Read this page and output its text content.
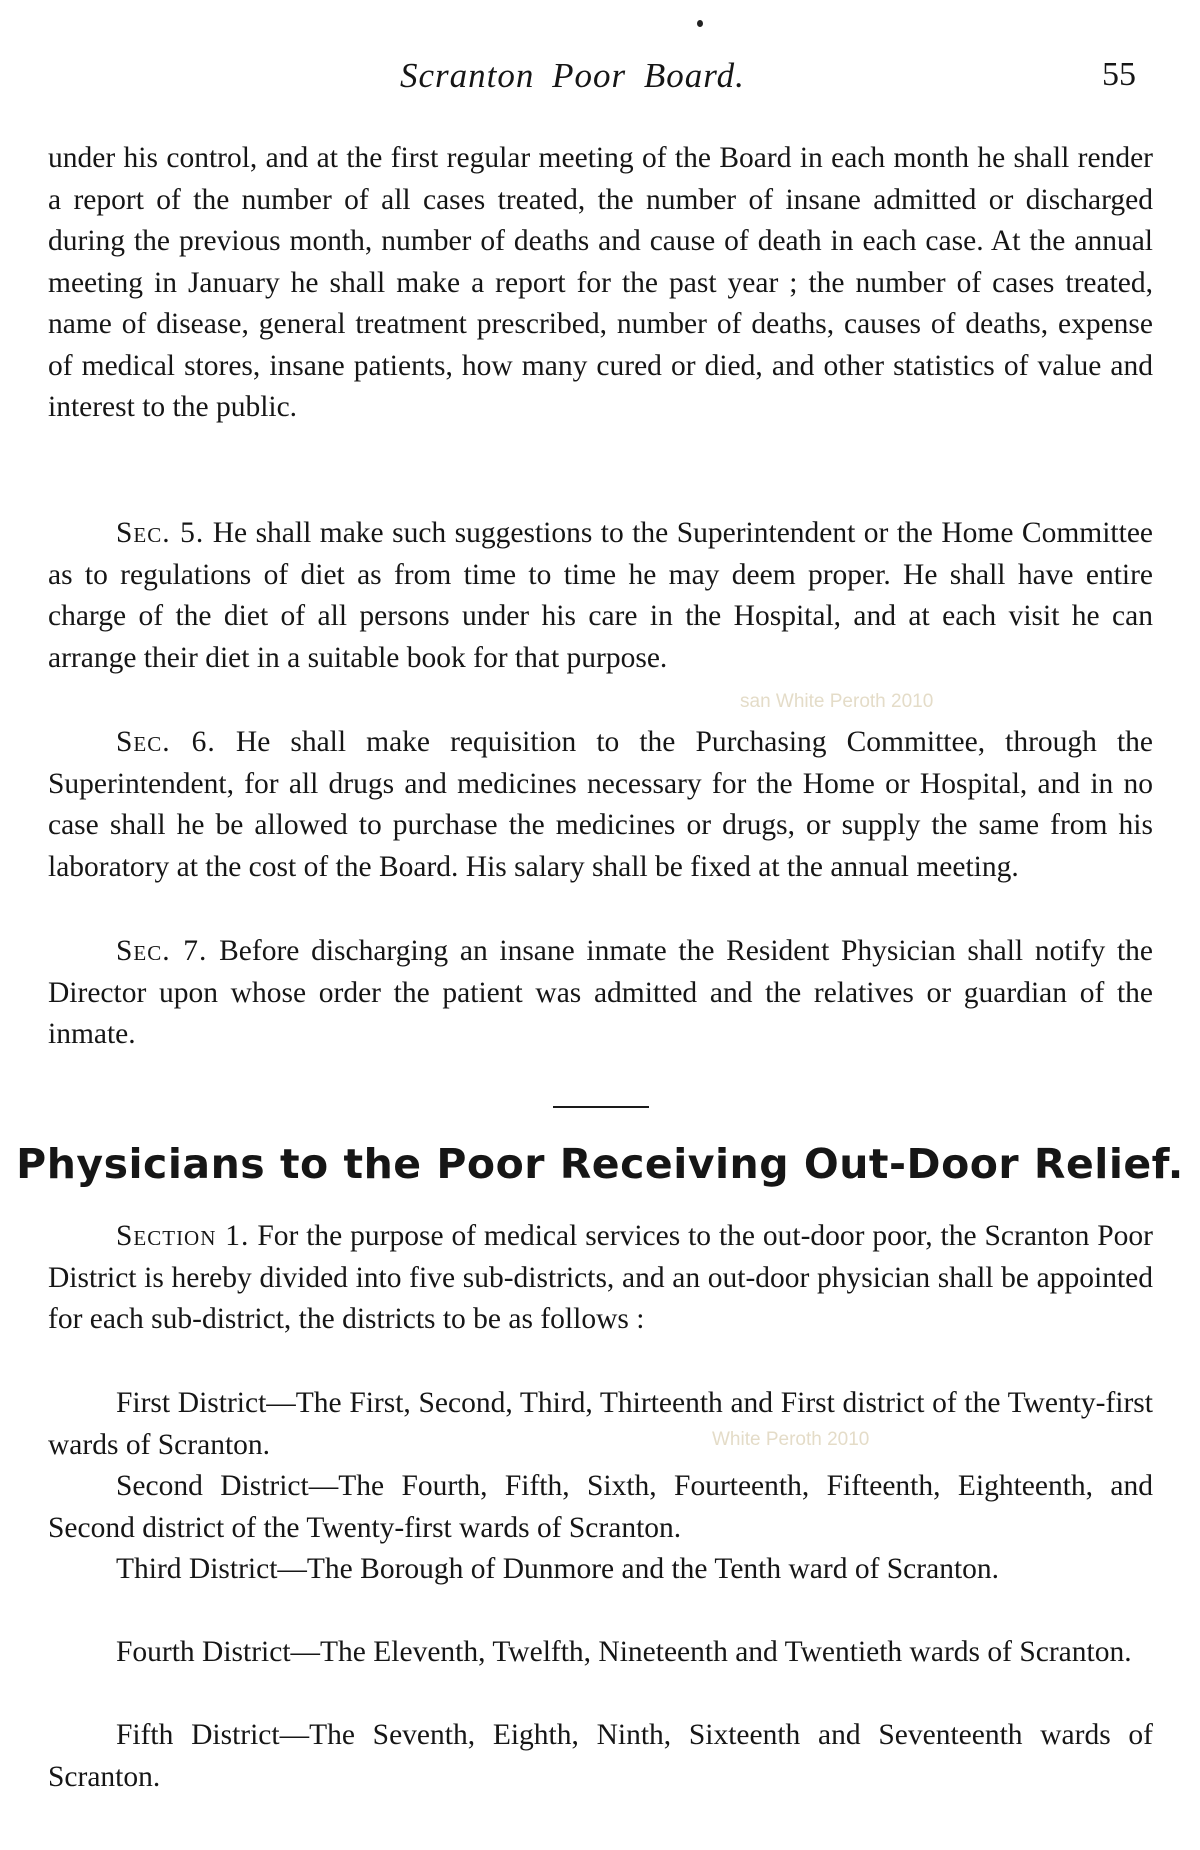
Scranton Poor Board.	55

under his control, and at the first regular meeting of the Board in each month he shall render a report of the number of all cases treated, the number of insane admitted or discharged during the previous month, number of deaths and cause of death in each case. At the annual meeting in January he shall make a report for the past year ; the number of cases treated, name of disease, general treatment prescribed, number of deaths, causes of deaths, expense of medical stores, insane patients, how many cured or died, and other statistics of value and interest to the public.

Sec. 5. He shall make such suggestions to the Superintendent or the Home Committee as to regulations of diet as from time to time he may deem proper. He shall have entire charge of the diet of all persons under his care in the Hospital, and at each visit he can arrange their diet in a suitable book for that purpose.

Sec. 6. He shall make requisition to the Purchasing Committee, through the Superintendent, for all drugs and medicines necessary for the Home or Hospital, and in no case shall he be allowed to purchase the medicines or drugs, or supply the same from his laboratory at the cost of the Board. His salary shall be fixed at the annual meeting.

Sec. 7. Before discharging an insane inmate the Resident Physician shall notify the Director upon whose order the patient was admitted and the relatives or guardian of the inmate.

Physicians to the Poor Receiving Out-Door Relief.

Section 1. For the purpose of medical services to the out-door poor, the Scranton Poor District is hereby divided into five sub-districts, and an out-door physician shall be appointed for each sub-district, the districts to be as follows :

First District—The First, Second, Third, Thirteenth and First district of the Twenty-first wards of Scranton.

Second District—The Fourth, Fifth, Sixth, Fourteenth, Fifteenth, Eighteenth, and Second district of the Twenty-first wards of Scranton.

Third District—The Borough of Dunmore and the Tenth ward of Scranton.

Fourth District—The Eleventh, Twelfth, Nineteenth and Twentieth wards of Scranton.

Fifth District—The Seventh, Eighth, Ninth, Sixteenth and Seventeenth wards of Scranton.

san White Peroth 2010
White Peroth 2010
